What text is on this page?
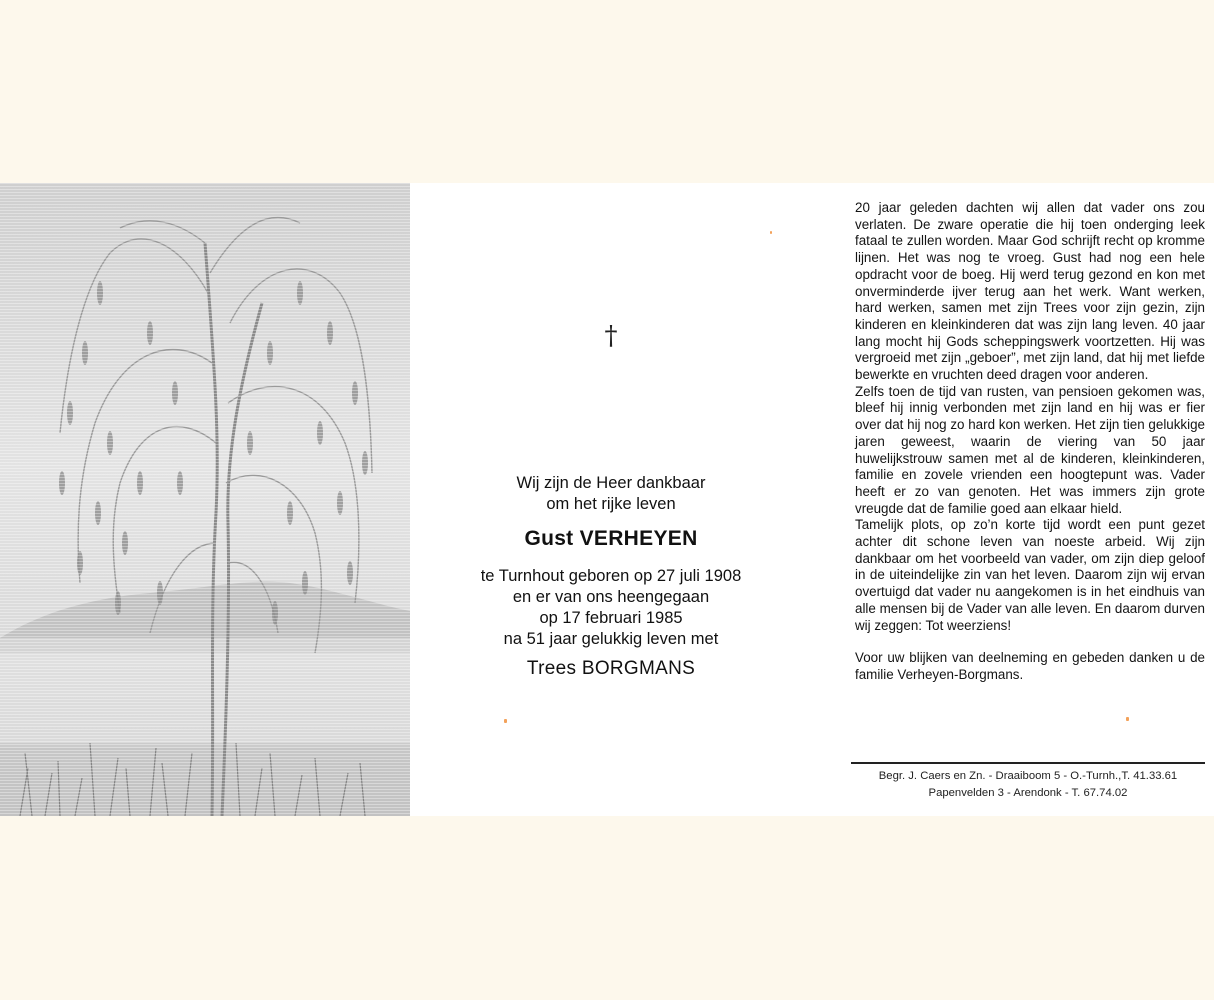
†
Wij zijn de Heer dankbaar
om het rijke leven
Gust VERHEYEN
te Turnhout geboren op 27 juli 1908
en er van ons heengegaan
op 17 februari 1985
na 51 jaar gelukkig leven met
Trees BORGMANS

20 jaar geleden dachten wij allen dat vader ons zou verlaten. De zware operatie die hij toen onderging leek fataal te zullen worden. Maar God schrijft recht op kromme lijnen. Het was nog te vroeg. Gust had nog een hele opdracht voor de boeg. Hij werd terug gezond en kon met onverminderde ijver terug aan het werk. Want werken, hard werken, samen met zijn Trees voor zijn gezin, zijn kinderen en kleinkinderen dat was zijn lang leven. 40 jaar lang mocht hij Gods scheppingswerk voortzetten. Hij was vergroeid met zijn „geboer”, met zijn land, dat hij met liefde bewerkte en vruchten deed dragen voor anderen.

Zelfs toen de tijd van rusten, van pensioen gekomen was, bleef hij innig verbonden met zijn land en hij was er fier over dat hij nog zo hard kon werken. Het zijn tien gelukkige jaren geweest, waarin de viering van 50 jaar huwelijkstrouw samen met al de kinderen, kleinkinderen, familie en zovele vrienden een hoogtepunt was. Vader heeft er zo van genoten. Het was immers zijn grote vreugde dat de familie goed aan elkaar hield.

Tamelijk plots, op zo’n korte tijd wordt een punt gezet achter dit schone leven van noeste arbeid. Wij zijn dankbaar om het voorbeeld van vader, om zijn diep geloof in de uiteindelijke zin van het leven. Daarom zijn wij ervan overtuigd dat vader nu aangekomen is in het eindhuis van alle mensen bij de Vader van alle leven. En daarom durven wij zeggen: Tot weerziens!

Voor uw blijken van deelneming en gebeden danken u de familie Verheyen-Borgmans.

Begr. J. Caers en Zn. - Draaiboom 5 - O.-Turnh.,T. 41.33.61
Papenvelden 3 - Arendonk - T. 67.74.02
